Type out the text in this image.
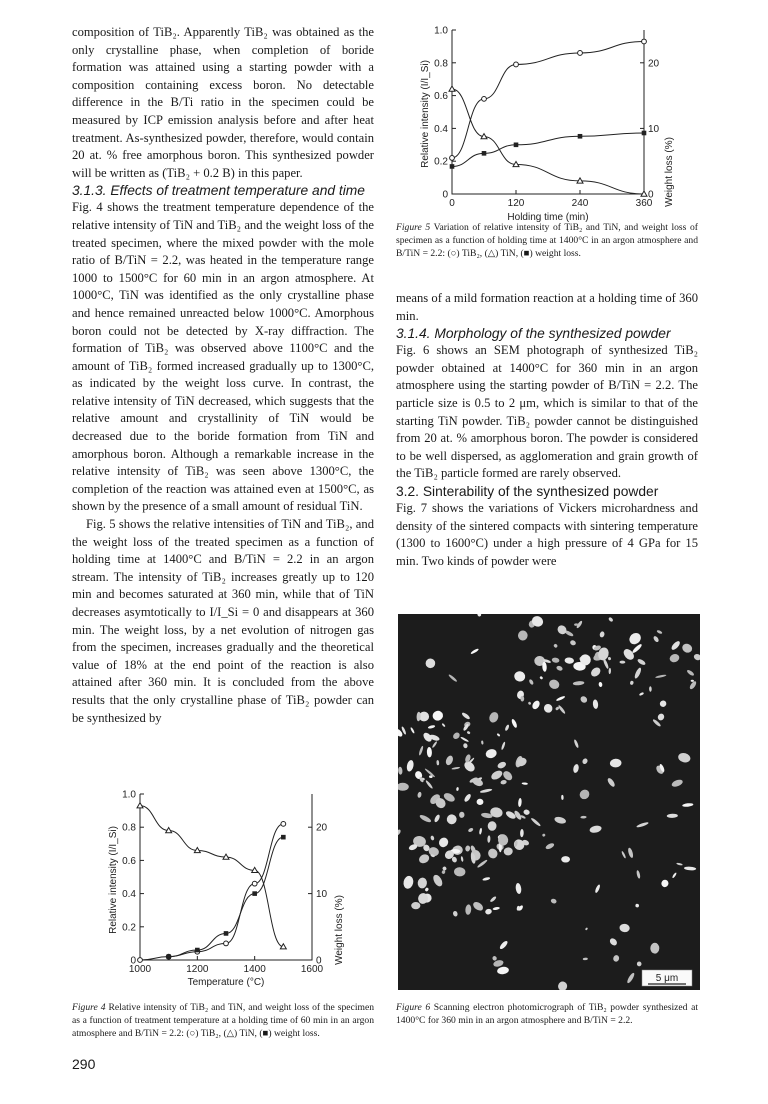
composition of TiB₂. Apparently TiB₂ was obtained as the only crystalline phase, when completion of boride formation was attained using a starting powder with a composition containing excess boron. No detectable difference in the B/Ti ratio in the specimen could be measured by ICP emission analysis before and after heat treatment. As-synthesized powder, therefore, would contain 20 at. % free amorphous boron. This synthesized powder will be written as (TiB₂ + 0.2 B) in this paper.

3.1.3. Effects of treatment temperature and time

Fig. 4 shows the treatment temperature dependence of the relative intensity of TiN and TiB₂ and the weight loss of the treated specimen, where the mixed powder with the mole ratio of B/TiN = 2.2, was heated in the temperature range 1000 to 1500°C for 60 min in an argon atmosphere. At 1000°C, TiN was identified as the only crystalline phase and hence remained unreacted below 1000°C. Amorphous boron could not be detected by X-ray diffraction. The formation of TiB₂ was observed above 1100°C and the amount of TiB₂ formed increased gradually up to 1300°C, as indicated by the weight loss curve. In contrast, the relative intensity of TiN decreased, which suggests that the relative amount and crystallinity of TiN would be decreased due to the boride formation from TiN and amorphous boron. Although a remarkable increase in the relative intensity of TiB₂ was seen above 1300°C, the completion of the reaction was attained even at 1500°C, as shown by the presence of a small amount of residual TiN.

Fig. 5 shows the relative intensities of TiN and TiB₂, and the weight loss of the treated specimen as a function of holding time at 1400°C and B/TiN = 2.2 in an argon stream. The intensity of TiB₂ increases greatly up to 120 min and becomes saturated at 360 min, while that of TiN decreases asymtotically to I/I_Si = 0 and disappears at 360 min. The weight loss, by a net evolution of nitrogen gas from the specimen, increases gradually and the theoretical value of 18% at the end point of the reaction is also attained after 360 min. It is concluded from the above results that the only crystalline phase of TiB₂ powder can be synthesized by

means of a mild formation reaction at a holding time of 360 min.

3.1.4. Morphology of the synthesized powder

Fig. 6 shows an SEM photograph of synthesized TiB₂ powder obtained at 1400°C for 360 min in an argon atmosphere using the starting powder of B/TiN = 2.2. The particle size is 0.5 to 2 μm, which is similar to that of the starting TiN powder. TiB₂ powder cannot be distinguished from 20 at. % amorphous boron. The powder is considered to be well dispersed, as agglomeration and grain growth of the TiB₂ particle formed are rarely observed.

3.2. Sinterability of the synthesized powder

Fig. 7 shows the variations of Vickers microhardness and density of the sintered compacts with sintering temperature (1300 to 1600°C) under a high pressure of 4 GPa for 15 min. Two kinds of powder were

0
0.2
0.4
0.6
0.8
1.0
0	120	240	360
0
10
20
Relative intensity (I/I_Si)
Weight loss (%)
Holding time (min)
Figure 5 Variation of relative intensity of TiB₂ and TiN, and weight loss of specimen as a function of holding time at 1400°C in an argon atmosphere and B/TiN = 2.2: (○) TiB₂, (△) TiN, (■) weight loss.
0
0.2
0.4
0.6
0.8
1.0
1000	1200	1400	1600
0
10
20
Relative intensity (I/I_Si)	Weight loss (%)
Temperature (°C)
Figure 4 Relative intensity of TiB₂ and TiN, and weight loss of the specimen as a function of treatment temperature at a holding time of 60 min in an argon atmosphere and B/TiN = 2.2: (○) TiB₂, (△) TiN, (■) weight loss.
5 μm
Figure 6 Scanning electron photomicrograph of TiB₂ powder synthesized at 1400°C for 360 min in an argon atmosphere and B/TiN = 2.2.
290
